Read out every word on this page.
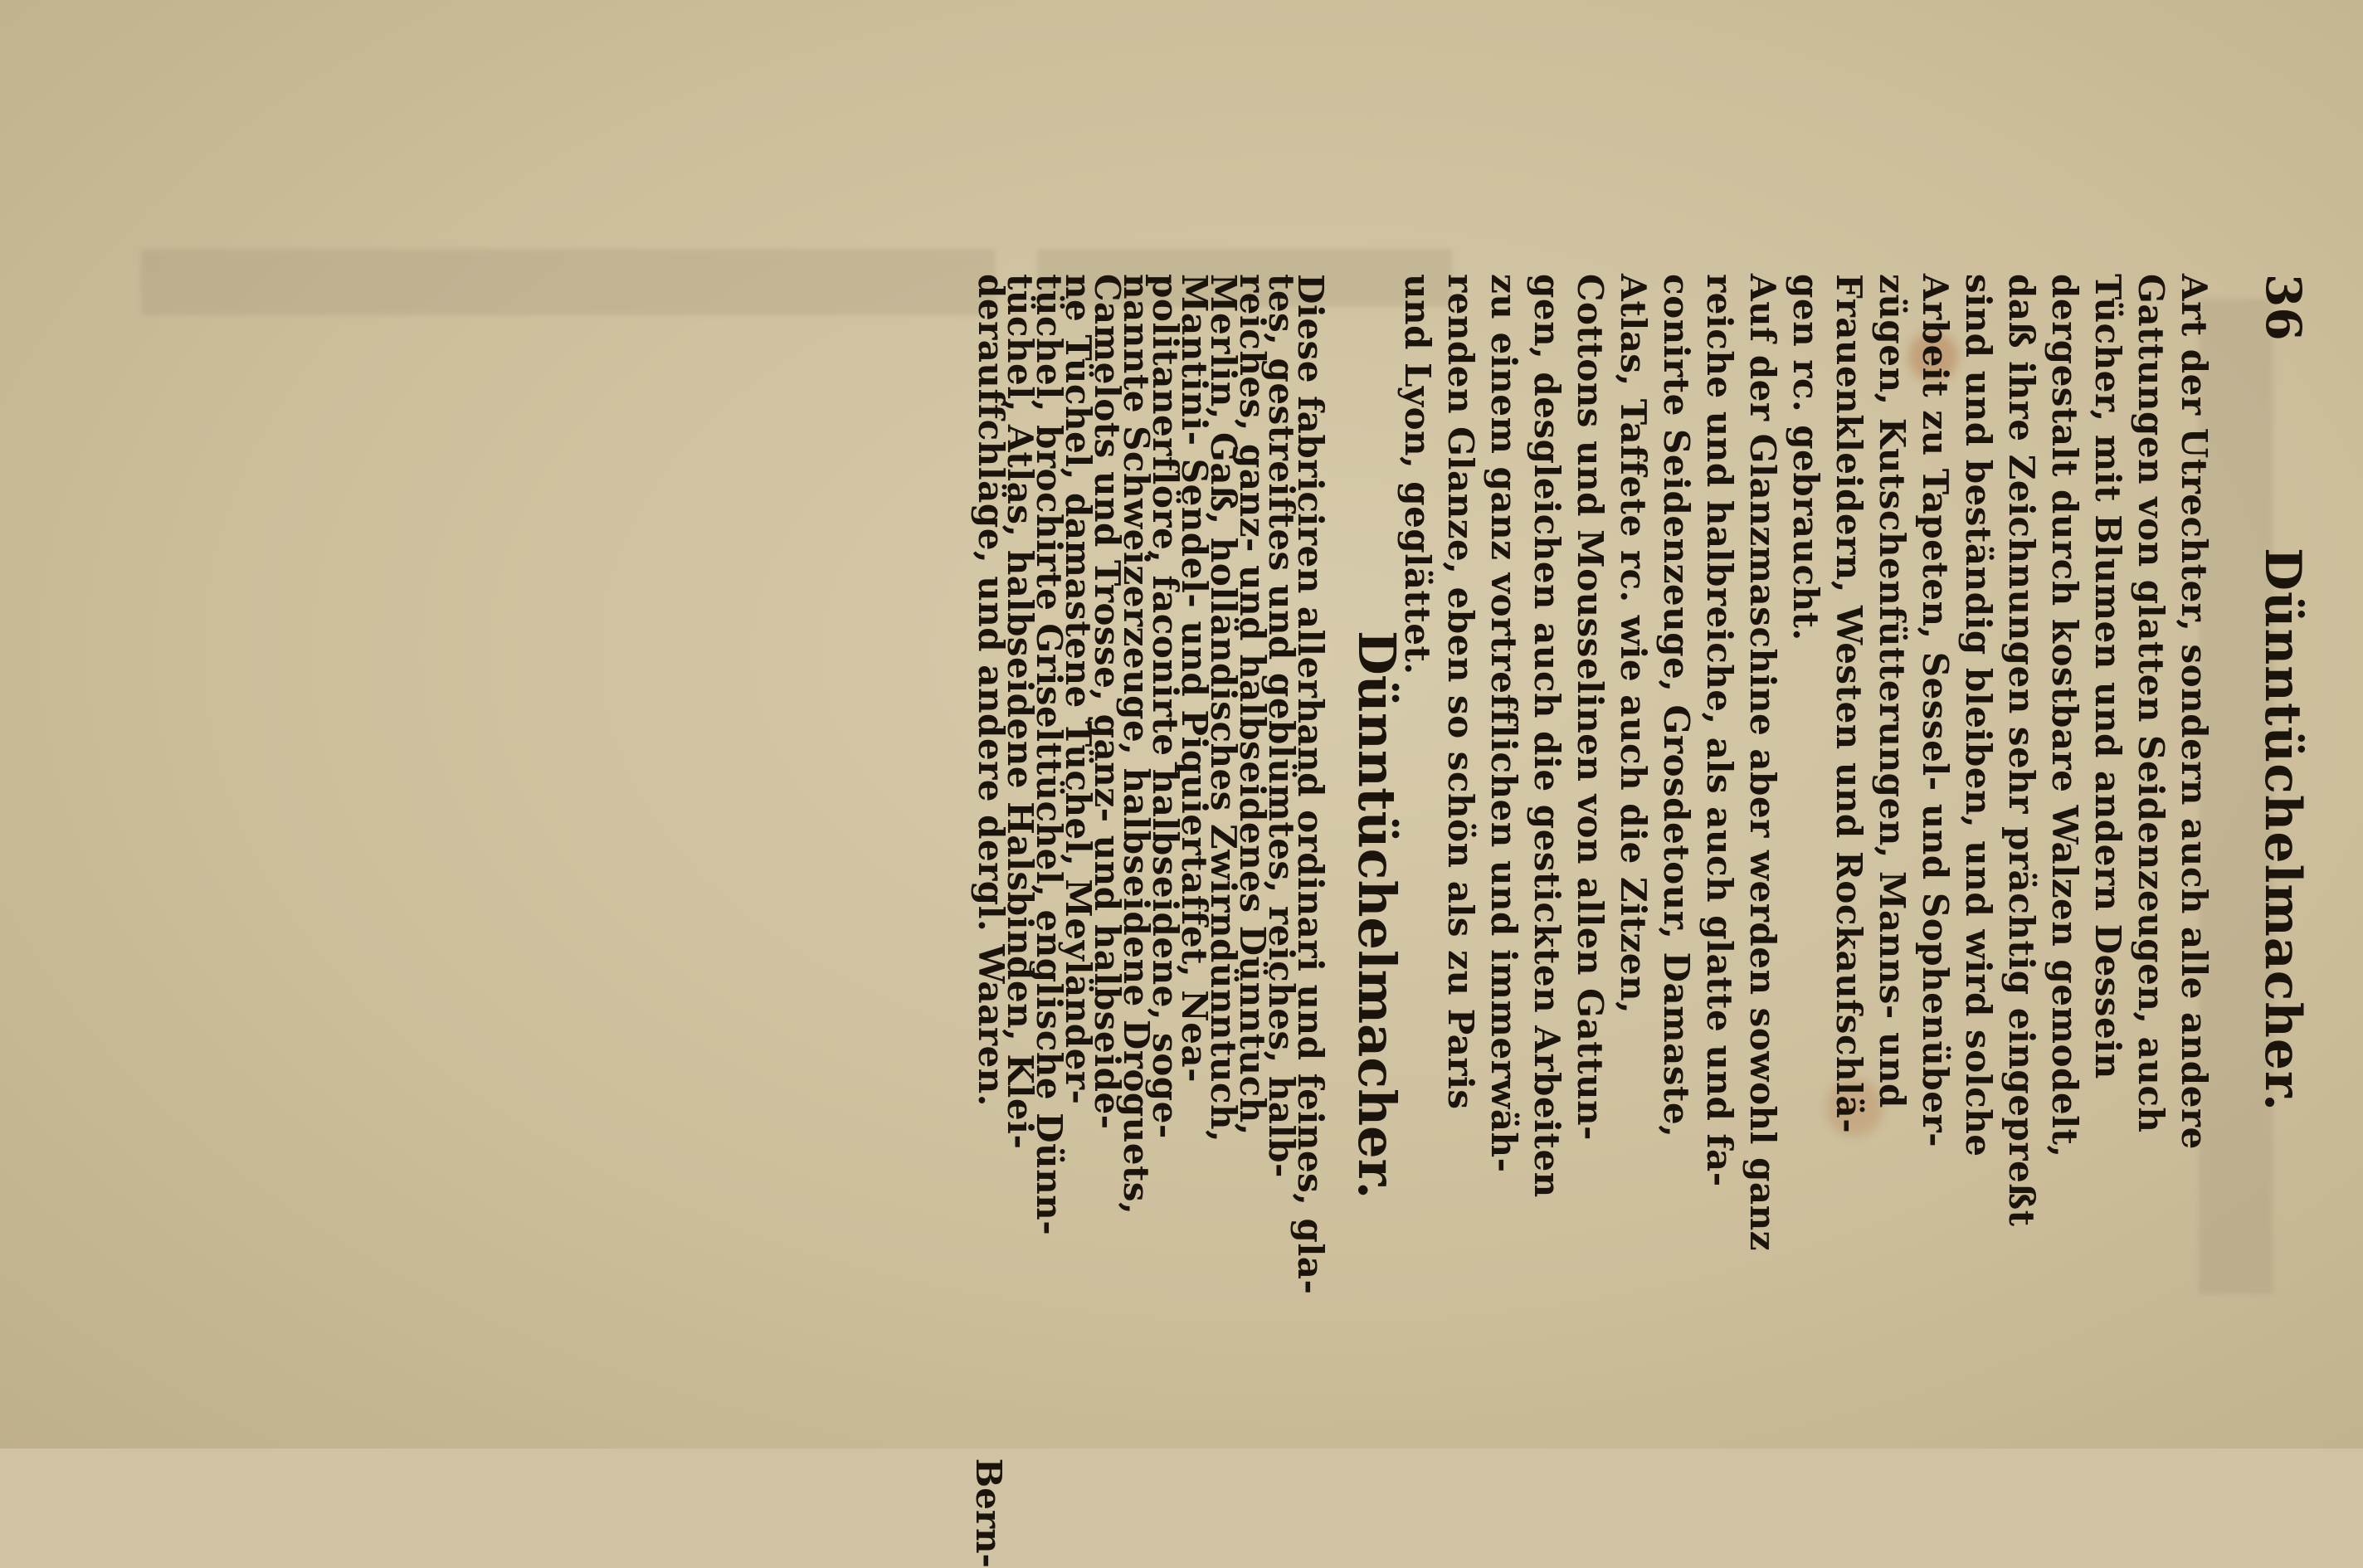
36
Dünntüchelmacher.
Art der Utrechter, sondern auch alle andere
Gattungen von glatten Seidenzeugen, auch
Tücher, mit Blumen und andern Dessein
dergestalt durch kostbare Walzen gemodelt,
daß ihre Zeichnungen sehr prächtig eingepreßt
sind und beständig bleiben, und wird solche
Arbeit zu Tapeten, Sessel- und Sophenüber-
zügen, Kutschenfütterungen, Manns- und
Frauenkleidern, Westen und Rockaufschlä-
gen rc. gebraucht.
Auf der Glanzmaschine aber werden sowohl ganz
reiche und halbreiche, als auch glatte und fa-
conirte Seidenzeuge, Grosdetour, Damaste,
Atlas, Taffete rc. wie auch die Zitzen,
Cottons und Mousselinen von allen Gattun-
gen, desgleichen auch die gestickten Arbeiten
zu einem ganz vortrefflichen und immerwäh-
renden Glanze, eben so schön als zu Paris
und Lyon, geglättet.
Dünntüchelmacher.
Diese fabriciren allerhand ordinari und feines, gla-
tes, gestreiftes und geblümtes, reiches, halb-
reiches, ganz- und halbseidenes Dünntuch,
Merlin, Gaß, holländisches Zwirndünntuch,
Mantini- Sendel- und Piquiertaffet, Nea-
politanerflöre, faconirte halbseidene, soge-
nannte Schweizerzeuge, halbseidene Droguets,
Camelots und Trosse, ganz- und halbseide-
ne Tüchel, damastene Tüchel, Meyländer-
tüchel, brochirte Griselttüchel, englische Dünn-
tüchel, Atlas, halbseidene Halsbinden, Klei-
derauffchläge, und andere dergl. Waaren.
Bern-
